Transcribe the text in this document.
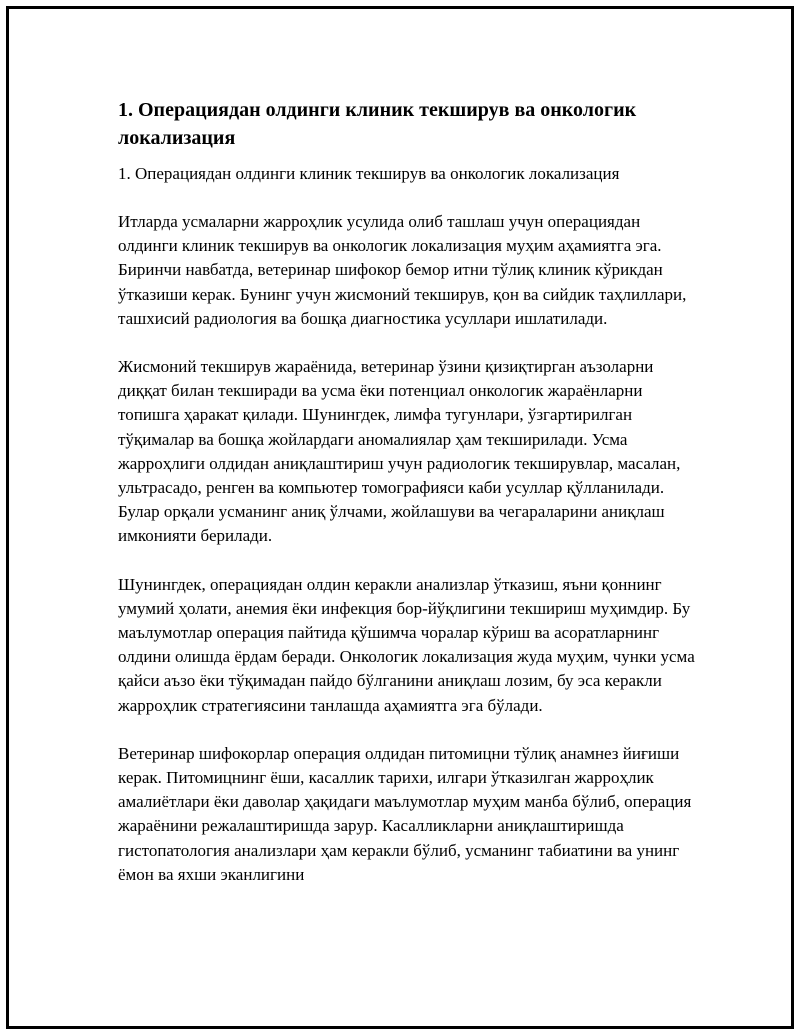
1. Операциядан олдинги клиник текширув ва онкологик локализация
1. Операциядан олдинги клиник текширув ва онкологик локализация

Итларда усмаларни жарроҳлик усулида олиб ташлаш учун операциядан олдинги клиник текширув ва онкологик локализация муҳим аҳамиятга эга. Биринчи навбатда, ветеринар шифокор бемор итни тўлиқ клиник кўрикдан ўтказиши керак. Бунинг учун жисмоний текширув, қон ва сийдик таҳлиллари, ташхисий радиология ва бошқа диагностика усуллари ишлатилади.

Жисмоний текширув жараёнида, ветеринар ўзини қизиқтирган аъзоларни диққат билан текширади ва усма ёки потенциал онкологик жараёнларни топишга ҳаракат қилади. Шунингдек, лимфа тугунлари, ўзгартирилган тўқималар ва бошқа жойлардаги аномалиялар ҳам текширилади. Усма жарроҳлиги олдидан аниқлаштириш учун радиологик текширувлар, масалан, ультрасадо, ренген ва компьютер томографияси каби усуллар қўлланилади. Булар орқали усманинг аниқ ўлчами, жойлашуви ва чегараларини аниқлаш имконияти берилади.

Шунингдек, операциядан олдин керакли анализлар ўтказиш, яъни қоннинг умумий ҳолати, анемия ёки инфекция бор-йўқлигини текшириш муҳимдир. Бу маълумотлар операция пайтида қўшимча чоралар кўриш ва асоратларнинг олдини олишда ёрдам беради. Онкологик локализация жуда муҳим, чунки усма қайси аъзо ёки тўқимадан пайдо бўлганини аниқлаш лозим, бу эса керакли жарроҳлик стратегиясини танлашда аҳамиятга эга бўлади.

Ветеринар шифокорлар операция олдидан питомицни тўлиқ анамнез йиғиши керак. Питомицнинг ёши, касаллик тарихи, илгари ўтказилган жарроҳлик амалиётлари ёки даволар ҳақидаги маълумотлар муҳим манба бўлиб, операция жараёнини режалаштиришда зарур. Касалликларни аниқлаштиришда гистопатология анализлари ҳам керакли бўлиб, усманинг табиатини ва унинг ёмон ва яхши эканлигини
